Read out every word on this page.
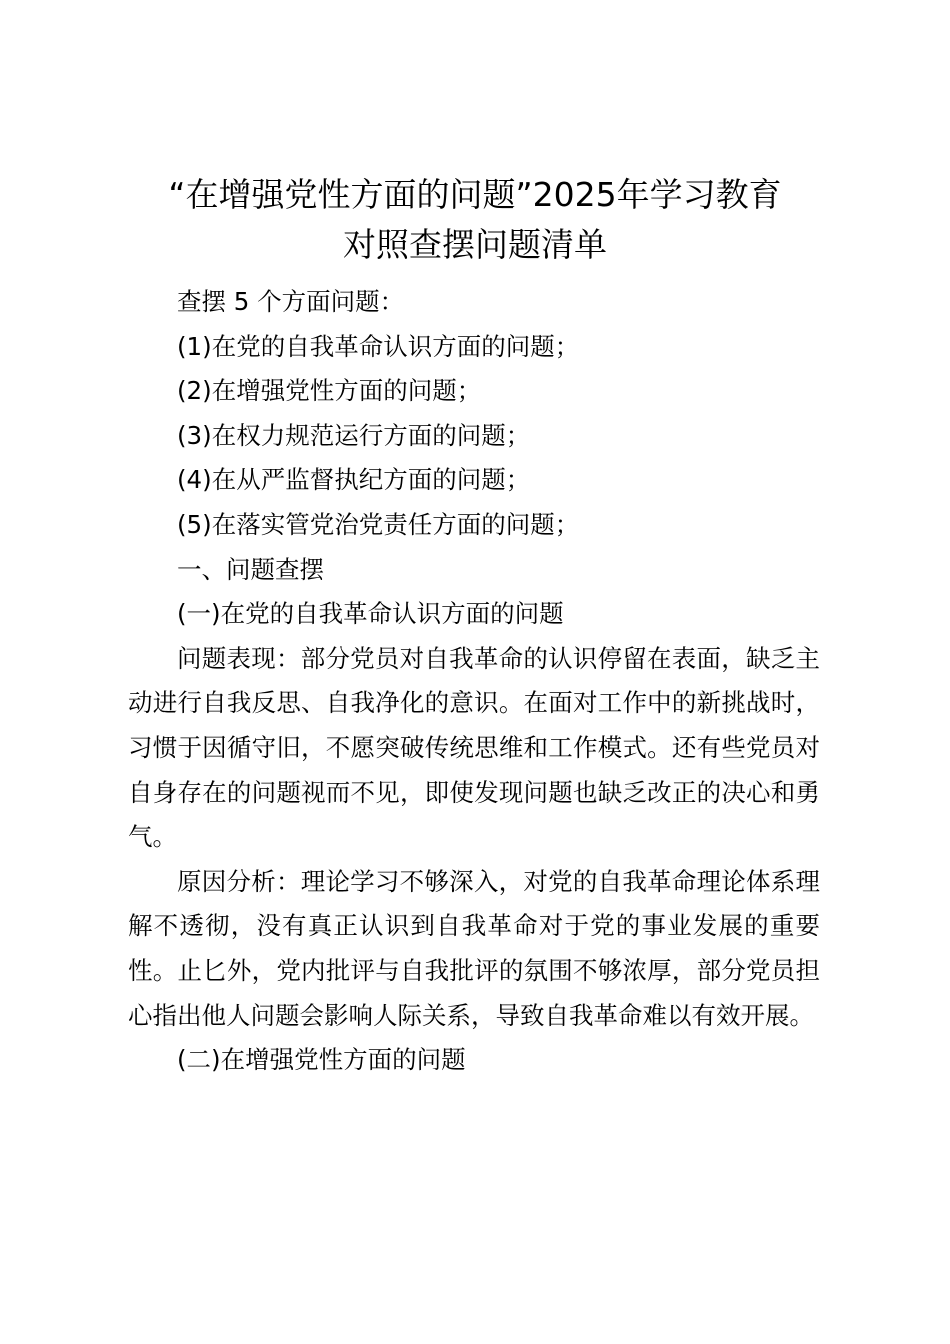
“在增强党性方面的问题”2025年学习教育
对照查摆问题清单

查摆 5 个方面问题：

(1)在党的自我革命认识方面的问题；

(2)在增强党性方面的问题；

(3)在权力规范运行方面的问题；

(4)在从严监督执纪方面的问题；

(5)在落实管党治党责任方面的问题；

一、问题查摆

(一)在党的自我革命认识方面的问题

问题表现：部分党员对自我革命的认识停留在表面，缺乏主动进行自我反思、自我净化的意识。在面对工作中的新挑战时，习惯于因循守旧，不愿突破传统思维和工作模式。还有些党员对自身存在的问题视而不见，即使发现问题也缺乏改正的决心和勇气。

原因分析：理论学习不够深入，对党的自我革命理论体系理解不透彻，没有真正认识到自我革命对于党的事业发展的重要性。止匕外，党内批评与自我批评的氛围不够浓厚，部分党员担心指出他人问题会影响人际关系，导致自我革命难以有效开展。

(二)在增强党性方面的问题
